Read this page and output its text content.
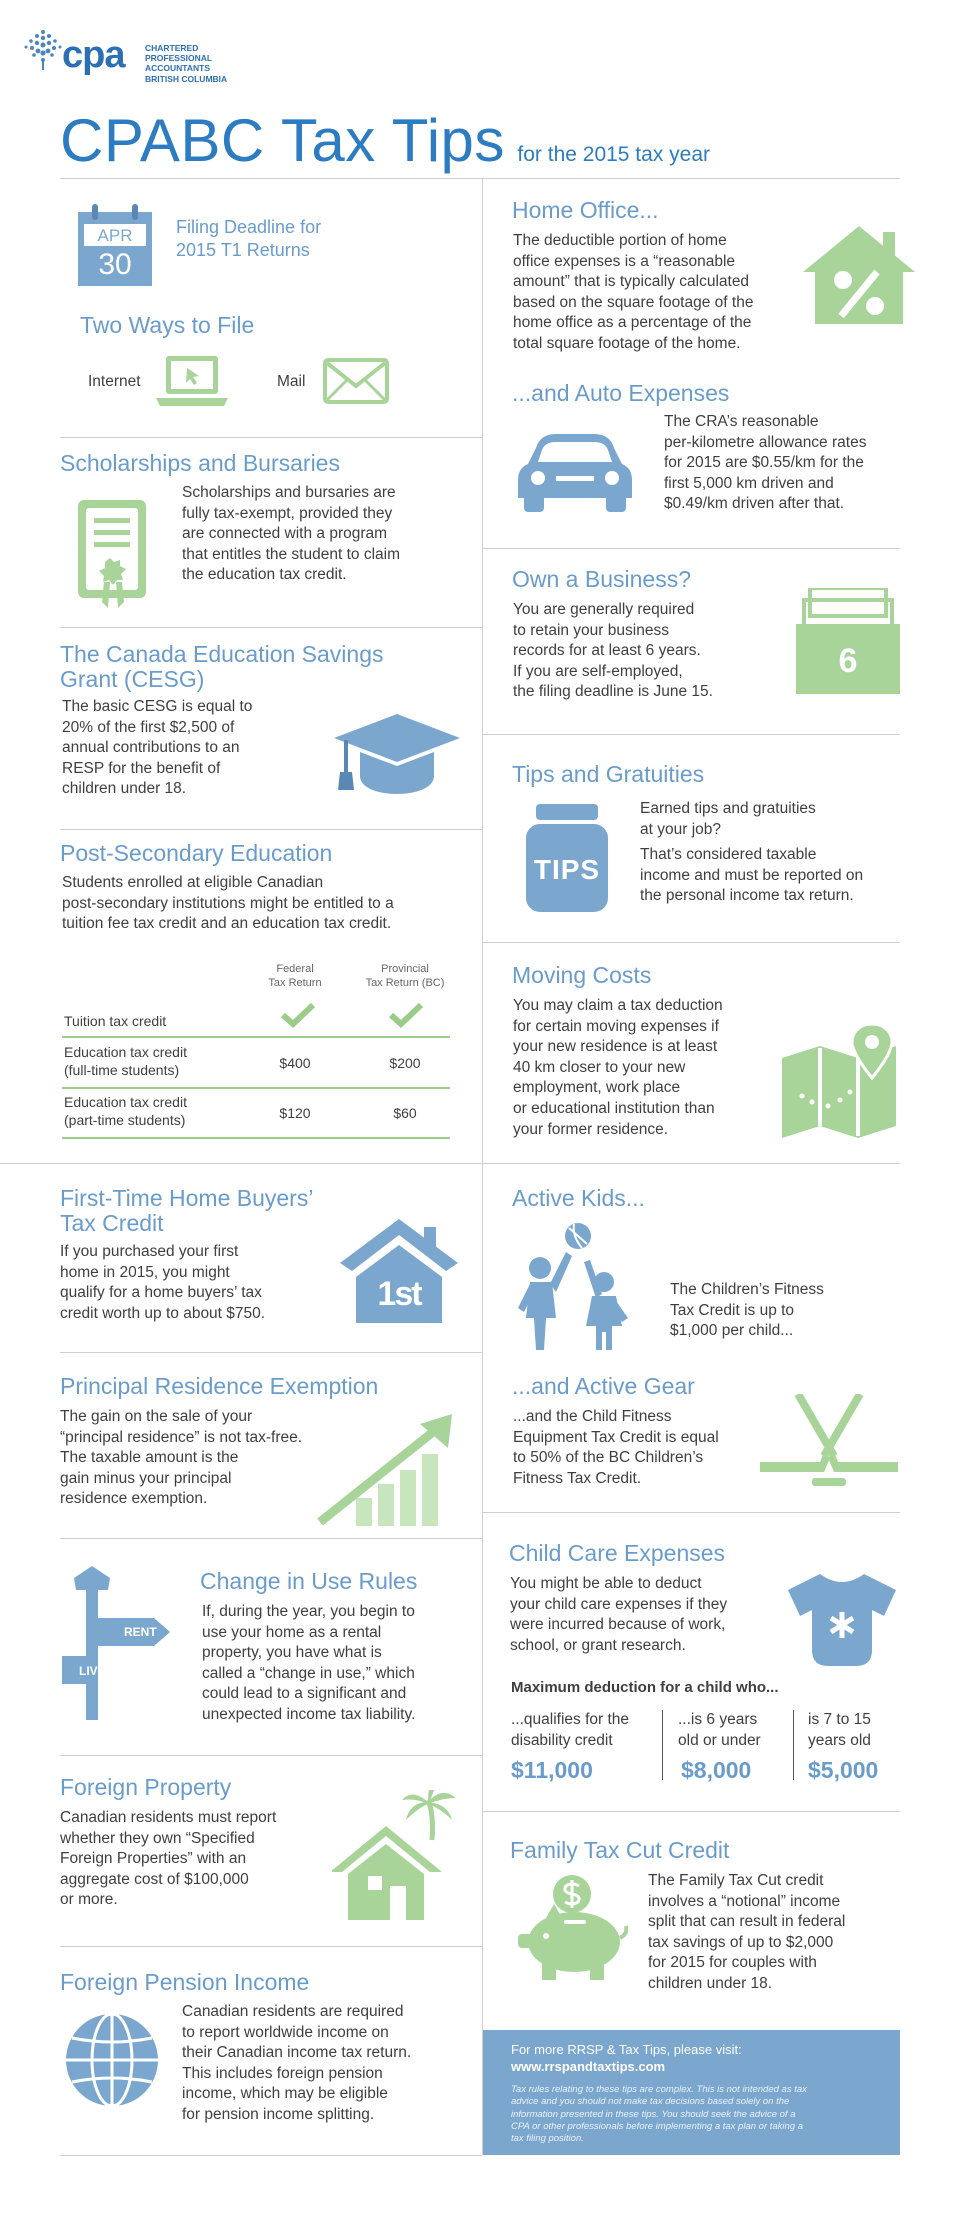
cpa CHARTERED
PROFESSIONAL
ACCOUNTANTS
BRITISH COLUMBIA
CPABC Tax Tips for the 2015 tax year
APR
30
Filing Deadline for
2015 T1 Returns
Two Ways to File
Internet	Mail
Scholarships and Bursaries
Scholarships and bursaries are
fully tax-exempt, provided they
are connected with a program
that entitles the student to claim
the education tax credit.
The Canada Education Savings
Grant (CESG)
The basic CESG is equal to
20% of the first $2,500 of
annual contributions to an
RESP for the benefit of
children under 18.
Post-Secondary Education
Students enrolled at eligible Canadian
post-secondary institutions might be entitled to a
tuition fee tax credit and an education tax credit.
Federal
Tax Return
Provincial
Tax Return (BC)
Tuition tax credit
Education tax credit
(full-time students)	$400	$200
Education tax credit
(part-time students)	$120	$60
Home Office...
The deductible portion of home
office expenses is a “reasonable
amount” that is typically calculated
based on the square footage of the
home office as a percentage of the
total square footage of the home.
...and Auto Expenses
The CRA’s reasonable
per-kilometre allowance rates
for 2015 are $0.55/km for the
first 5,000 km driven and
$0.49/km driven after that.
Own a Business?
You are generally required
to retain your business
records for at least 6 years.
If you are self-employed,
the filing deadline is June 15.
6
Tips and Gratuities
TIPS
Earned tips and gratuities
at your job?
That’s considered taxable
income and must be reported on
the personal income tax return.
Moving Costs
You may claim a tax deduction
for certain moving expenses if
your new residence is at least
40 km closer to your new
employment, work place
or educational institution than
your former residence.
First-Time Home Buyers’
Tax Credit
If you purchased your first
home in 2015, you might
qualify for a home buyers’ tax
credit worth up to about $750.
1st
Principal Residence Exemption
The gain on the sale of your
“principal residence” is not tax-free.
The taxable amount is the
gain minus your principal
residence exemption.
RENT
LIVE
Change in Use Rules
If, during the year, you begin to
use your home as a rental
property, you have what is
called a “change in use,” which
could lead to a significant and
unexpected income tax liability.
Foreign Property
Canadian residents must report
whether they own “Specified
Foreign Properties” with an
aggregate cost of $100,000
or more.
Foreign Pension Income
Canadian residents are required
to report worldwide income on
their Canadian income tax return.
This includes foreign pension
income, which may be eligible
for pension income splitting.
Active Kids...
The Children’s Fitness
Tax Credit is up to
$1,000 per child...
...and Active Gear
...and the Child Fitness
Equipment Tax Credit is equal
to 50% of the BC Children’s
Fitness Tax Credit.
Child Care Expenses
You might be able to deduct
your child care expenses if they
were incurred because of work,
school, or grant research.
Maximum deduction for a child who...
...qualifies for the
disability credit
$11,000
...is 6 years
old or under
$8,000
is 7 to 15
years old
$5,000
Family Tax Cut Credit
The Family Tax Cut credit
involves a “notional” income
split that can result in federal
tax savings of up to $2,000
for 2015 for couples with
children under 18.
For more RRSP & Tax Tips, please visit:
www.rrspandtaxtips.com
Tax rules relating to these tips are complex. This is not intended as tax
advice and you should not make tax decisions based solely on the
information presented in these tips. You should seek the advice of a
CPA or other professionals before implementing a tax plan or taking a
tax filing position.
